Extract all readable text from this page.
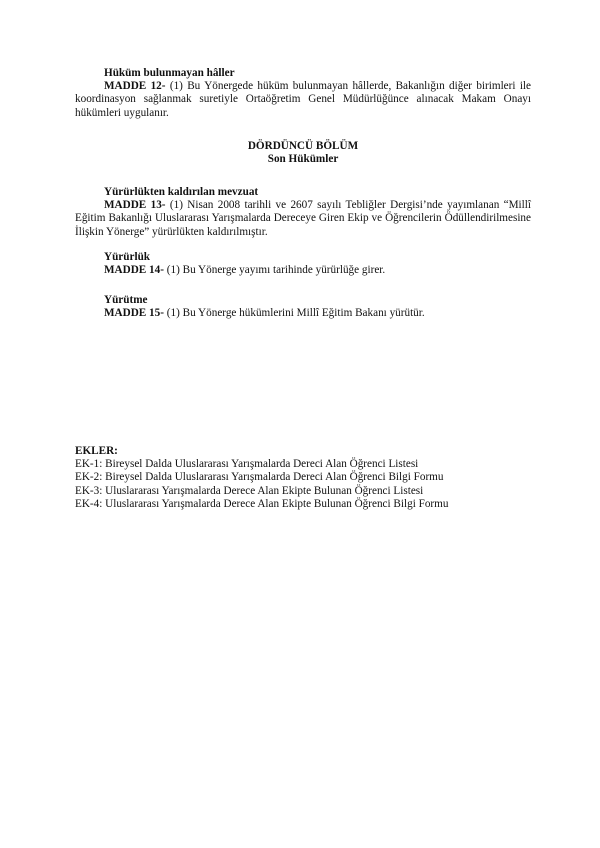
Hüküm bulunmayan hâller

MADDE 12- (1) Bu Yönergede hüküm bulunmayan hâllerde, Bakanlığın diğer birimleri ile koordinasyon sağlanmak suretiyle Ortaöğretim Genel Müdürlüğünce alınacak Makam Onayı hükümleri uygulanır.

DÖRDÜNCÜ BÖLÜM

Son Hükümler

Yürürlükten kaldırılan mevzuat

MADDE 13- (1) Nisan 2008 tarihli ve 2607 sayılı Tebliğler Dergisi’nde yayımlanan “Millî Eğitim Bakanlığı Uluslararası Yarışmalarda Dereceye Giren Ekip ve Öğrencilerin Ödüllendirilmesine İlişkin Yönerge” yürürlükten kaldırılmıştır.

Yürürlük

MADDE 14- (1) Bu Yönerge yayımı tarihinde yürürlüğe girer.

Yürütme

MADDE 15- (1) Bu Yönerge hükümlerini Millî Eğitim Bakanı yürütür.

EKLER:

EK-1: Bireysel Dalda Uluslararası Yarışmalarda Dereci Alan Öğrenci Listesi

EK-2: Bireysel Dalda Uluslararası Yarışmalarda Dereci Alan Öğrenci Bilgi Formu

EK-3: Uluslararası Yarışmalarda Derece Alan Ekipte Bulunan Öğrenci Listesi

EK-4: Uluslararası Yarışmalarda Derece Alan Ekipte Bulunan Öğrenci Bilgi Formu
